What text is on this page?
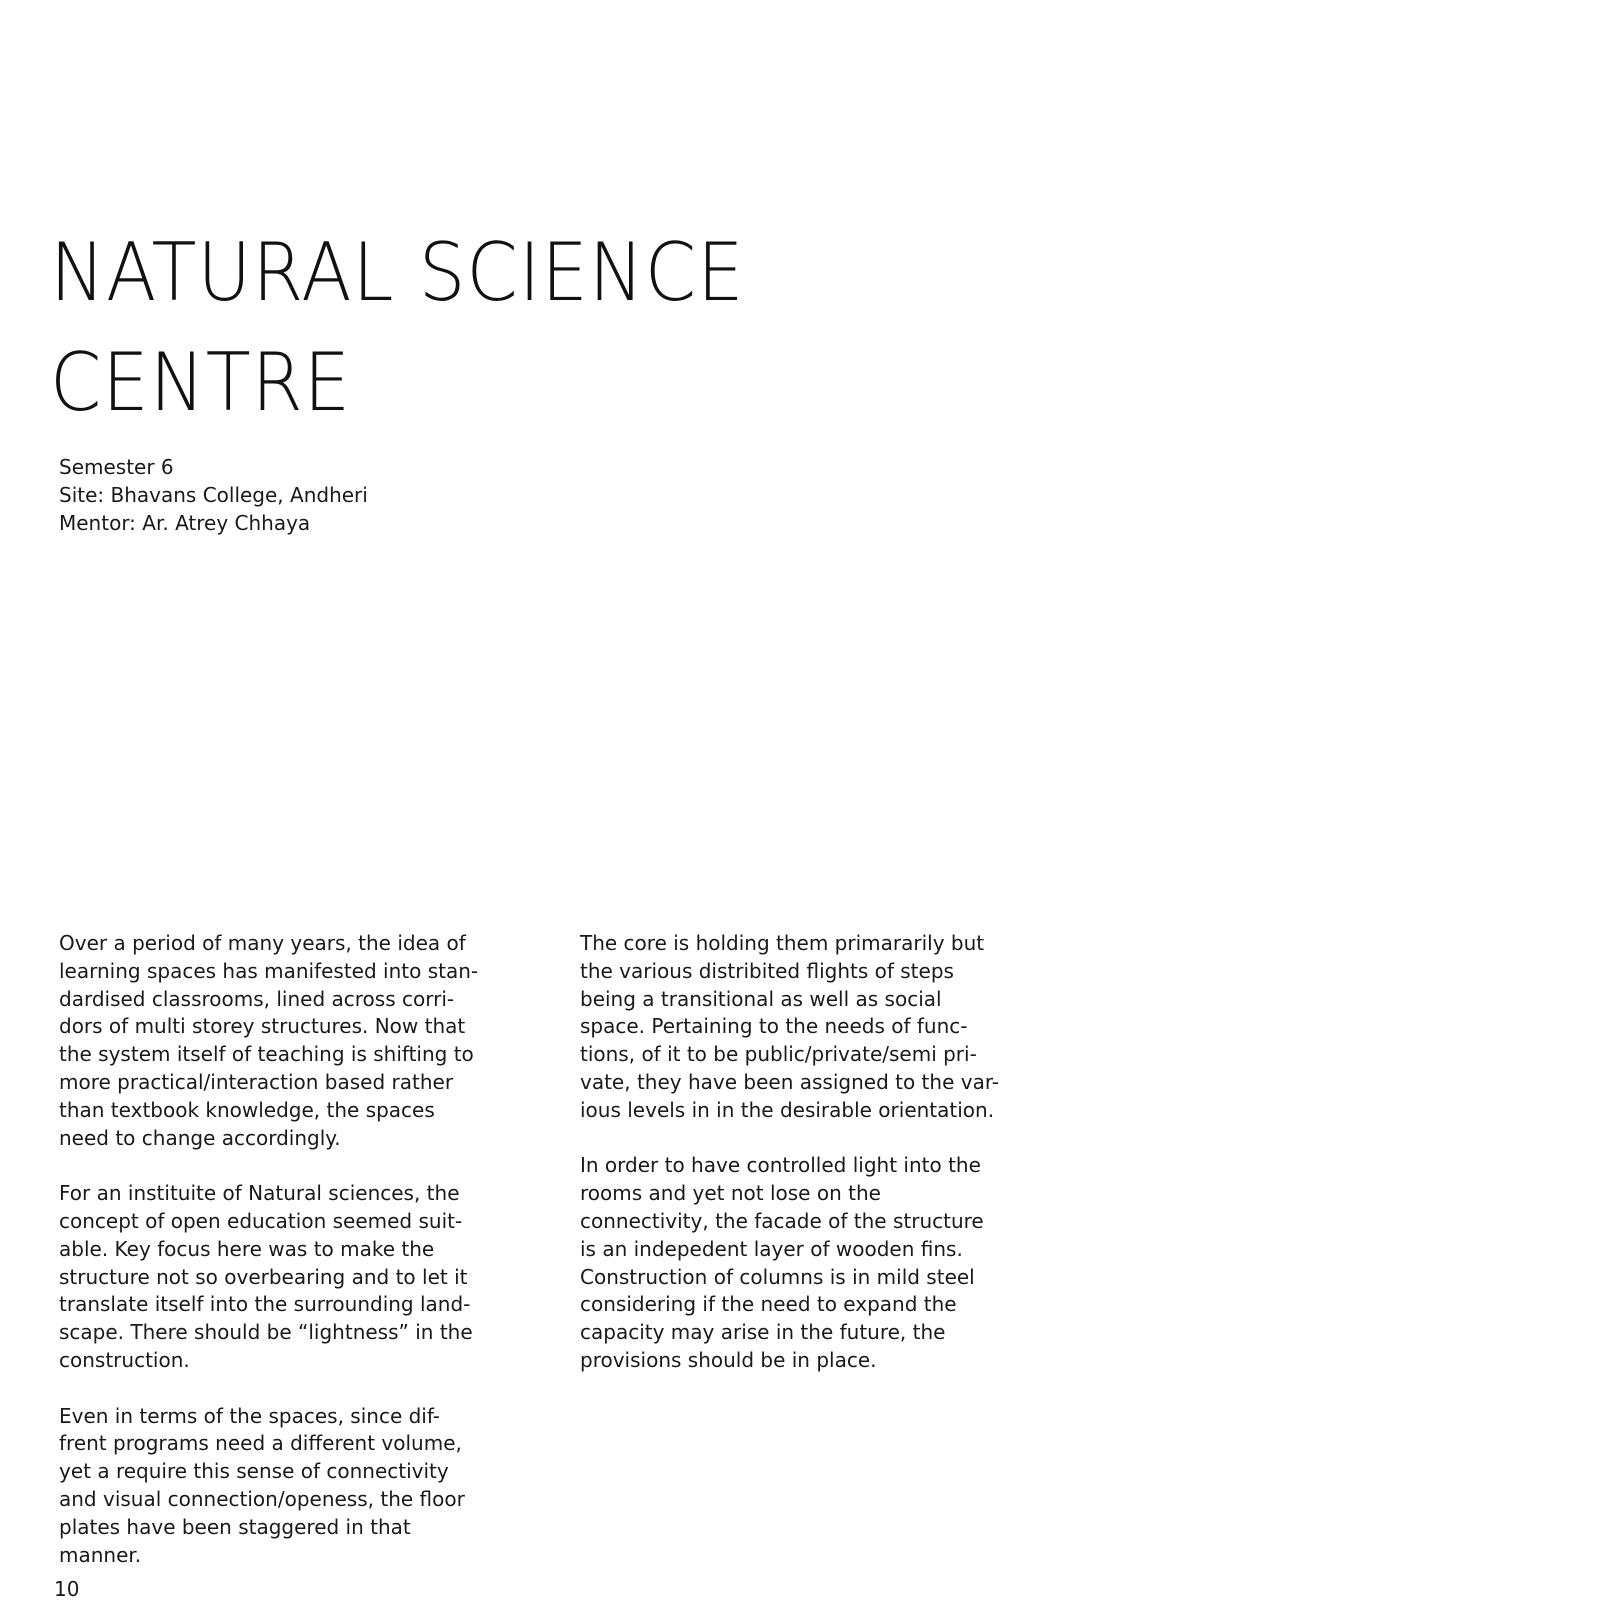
NATURAL SCIENCE
CENTRE
Semester 6
Site: Bhavans College, Andheri
Mentor: Ar. Atrey Chhaya

Over a period of many years, the idea of
learning spaces has manifested into stan-
dardised classrooms, lined across corri-
dors of multi storey structures. Now that
the system itself of teaching is shifting to
more practical/interaction based rather
than textbook knowledge, the spaces
need to change accordingly.

For an instituite of Natural sciences, the
concept of open education seemed suit-
able. Key focus here was to make the
structure not so overbearing and to let it
translate itself into the surrounding land-
scape. There should be “lightness” in the
construction.

Even in terms of the spaces, since dif-
frent programs need a different volume,
yet a require this sense of connectivity
and visual connection/openess, the floor
plates have been staggered in that
manner.

The core is holding them primararily but
the various distribited flights of steps
being a transitional as well as social
space. Pertaining to the needs of func-
tions, of it to be public/private/semi pri-
vate, they have been assigned to the var-
ious levels in in the desirable orientation.

In order to have controlled light into the
rooms and yet not lose on the
connectivity, the facade of the structure
is an indepedent layer of wooden fins.
Construction of columns is in mild steel
considering if the need to expand the
capacity may arise in the future, the
provisions should be in place.

10
